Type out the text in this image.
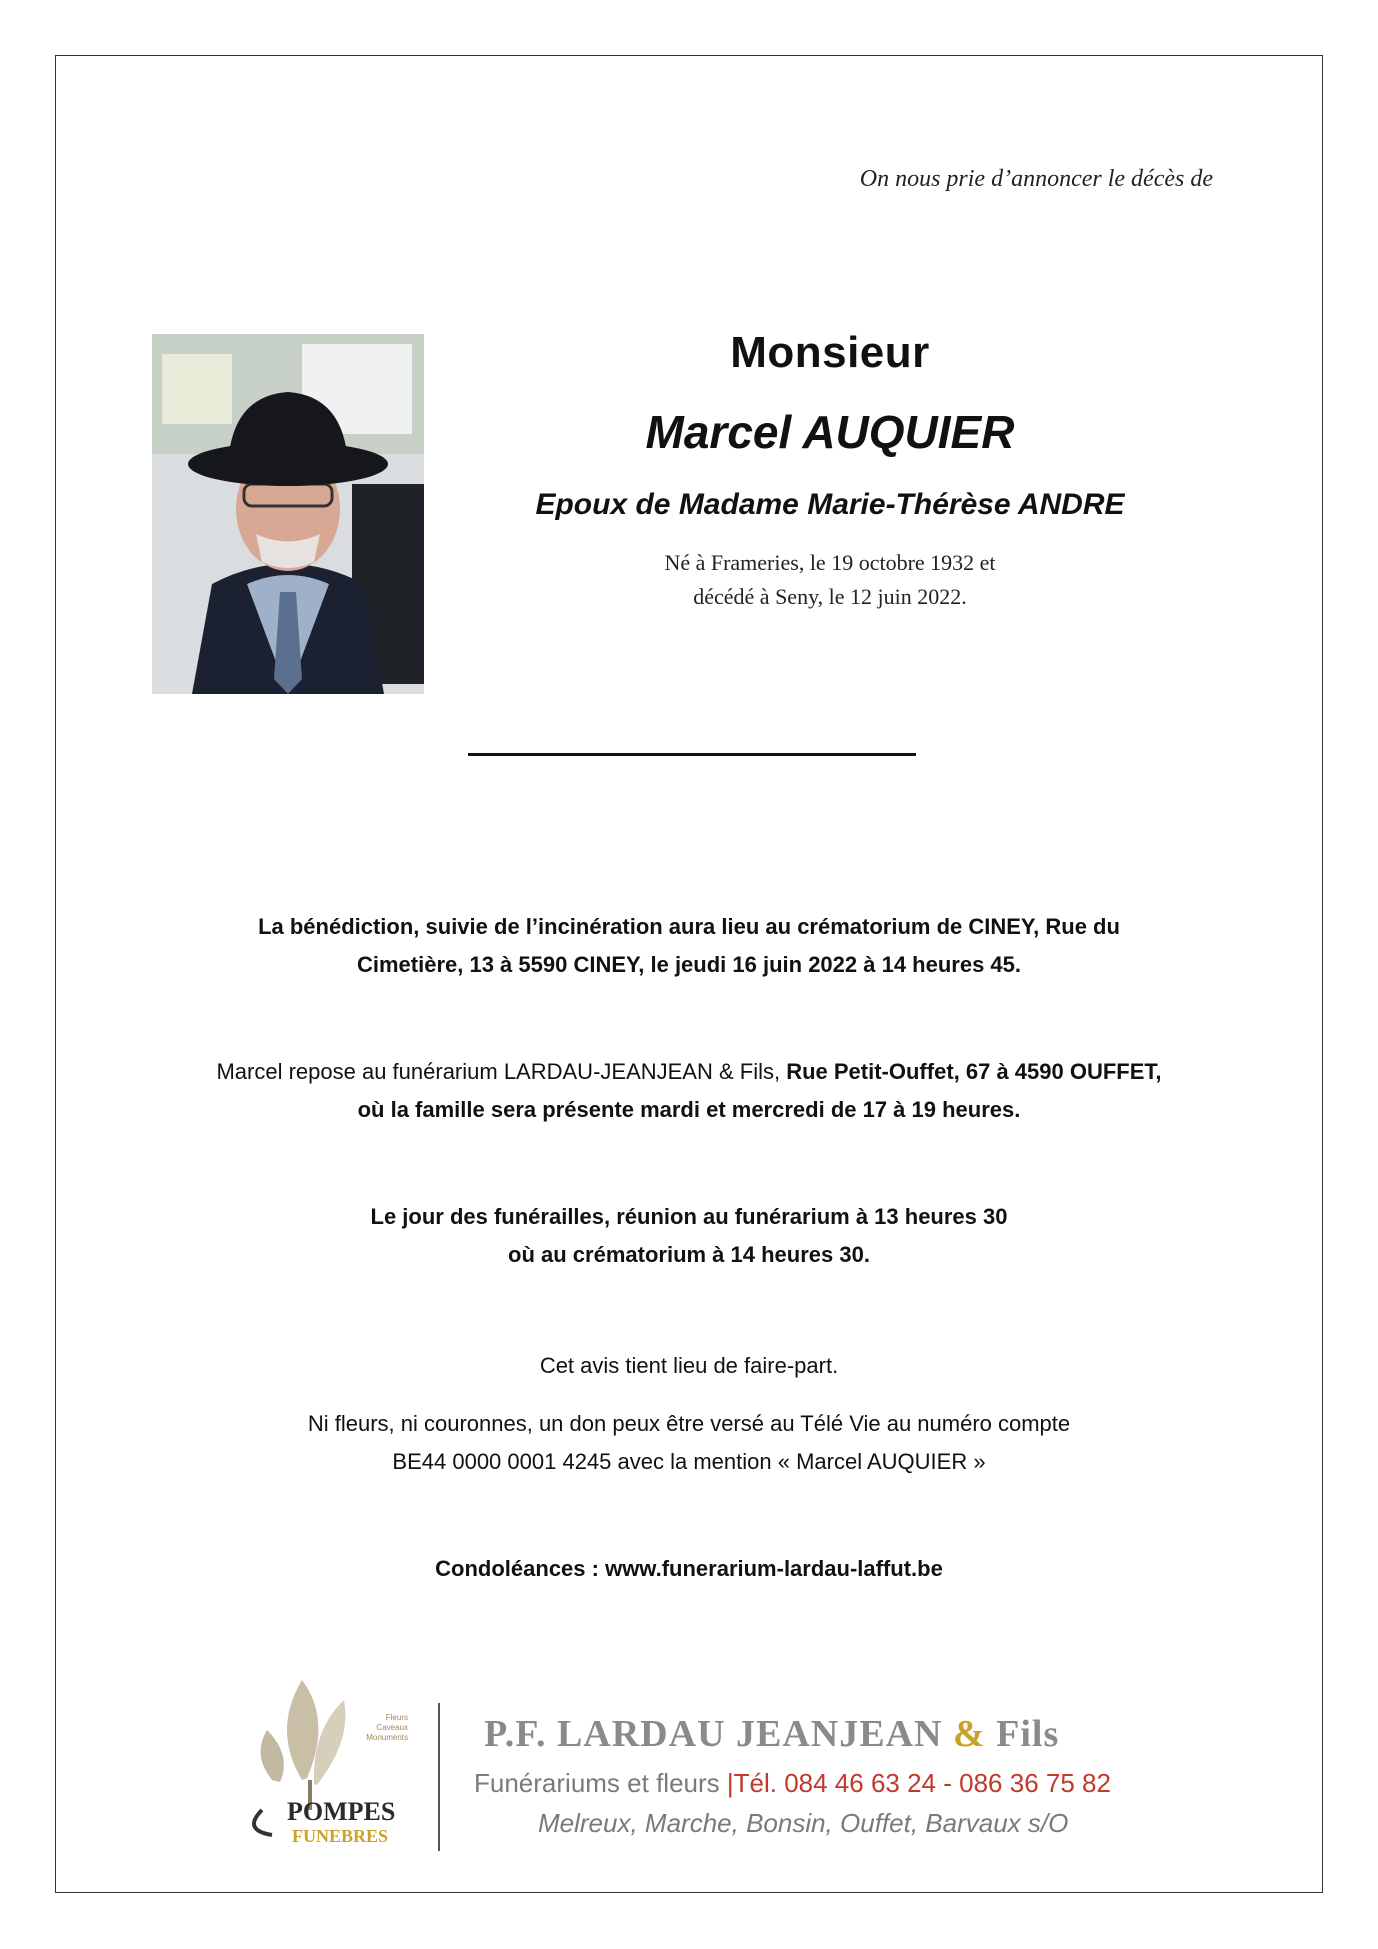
On nous prie d’annoncer le décès de
Monsieur
Marcel AUQUIER
Epoux de Madame Marie-Thérèse ANDRE
Né à Frameries, le 19 octobre 1932 et
décédé à Seny, le 12 juin 2022.
La bénédiction, suivie de l’incinération aura lieu au crématorium de CINEY, Rue du
Cimetière, 13 à 5590 CINEY, le jeudi 16 juin 2022 à 14 heures 45.
Marcel repose au funérarium LARDAU-JEANJEAN & Fils, Rue Petit-Ouffet, 67 à 4590 OUFFET,
où la famille sera présente mardi et mercredi de 17 à 19 heures.
Le jour des funérailles, réunion au funérarium à 13 heures 30
où au crématorium à 14 heures 30.
Cet avis tient lieu de faire-part.
Ni fleurs, ni couronnes, un don peux être versé au Télé Vie au numéro compte
BE44 0000 0001 4245 avec la mention « Marcel AUQUIER »
Condoléances : www.funerarium-lardau-laffut.be
Fleurs
Caveaux
Monuments
POMPES
FUNEBRES
P.F. LARDAU JEANJEAN & Fils
Funérariums et fleurs |Tél. 084 46 63 24 - 086 36 75 82
Melreux, Marche, Bonsin, Ouffet, Barvaux s/O
